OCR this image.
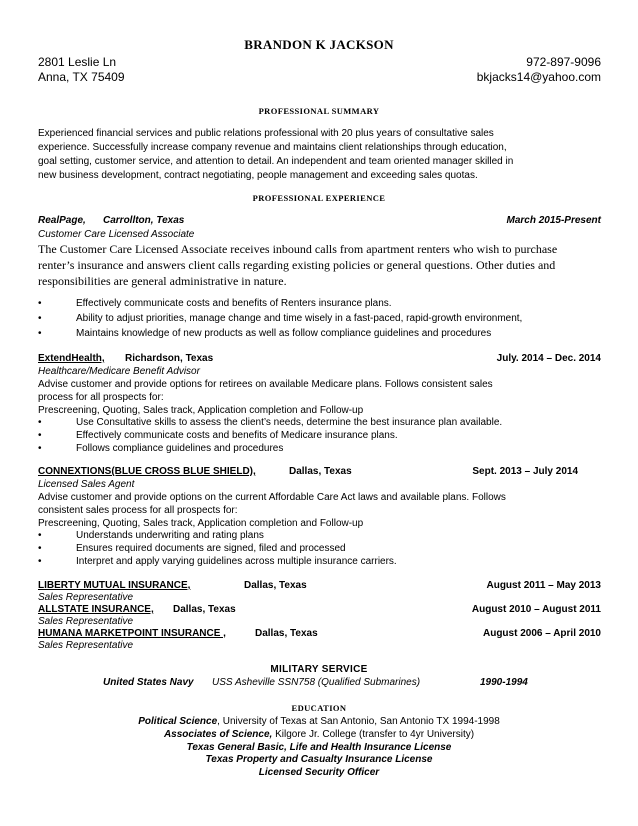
BRANDON K JACKSON
2801 Leslie Ln
Anna, TX 75409
972-897-9096
bkjacks14@yahoo.com
PROFESSIONAL SUMMARY
Experienced financial services and public relations professional with 20 plus years of consultative sales
experience. Successfully increase company revenue and maintains client relationships through education,
goal setting, customer service, and attention to detail. An independent and team oriented manager skilled in
new business development, contract negotiating, people management and exceeding sales quotas.
PROFESSIONAL EXPERIENCE
RealPage, Carrollton, Texas	March 2015-Present
Customer Care Licensed Associate
The Customer Care Licensed Associate receives inbound calls from apartment renters who wish to purchase
renter’s insurance and answers client calls regarding existing policies or general questions. Other duties and
responsibilities are general administrative in nature.
•	Effectively communicate costs and benefits of Renters insurance plans.
•	Ability to adjust priorities, manage change and time wisely in a fast-paced, rapid-growth environment,
•	Maintains knowledge of new products as well as follow compliance guidelines and procedures
ExtendHealth, Richardson, Texas	July. 2014 – Dec. 2014
Healthcare/Medicare Benefit Advisor
Advise customer and provide options for retirees on available Medicare plans. Follows consistent sales
process for all prospects for:
Prescreening, Quoting, Sales track, Application completion and Follow-up
•	Use Consultative skills to assess the client’s needs, determine the best insurance plan available.
•	Effectively communicate costs and benefits of Medicare insurance plans.
•	Follows compliance guidelines and procedures
CONNEXTIONS(BLUE CROSS BLUE SHIELD),	Dallas, Texas	Sept. 2013 – July 2014
Licensed Sales Agent
Advise customer and provide options on the current Affordable Care Act laws and available plans. Follows
consistent sales process for all prospects for:
Prescreening, Quoting, Sales track, Application completion and Follow-up
•	Understands underwriting and rating plans
•	Ensures required documents are signed, filed and processed
•	Interpret and apply varying guidelines across multiple insurance carriers.
LIBERTY MUTUAL INSURANCE,	Dallas, Texas	August 2011 – May 2013
Sales Representative
ALLSTATE INSURANCE, Dallas, Texas	August 2010 – August 2011
Sales Representative
HUMANA MARKETPOINT INSURANCE ,	Dallas, Texas	August 2006 – April 2010
Sales Representative
MILITARY SERVICE
United States Navy USS Asheville SSN758 (Qualified Submarines)	1990-1994
EDUCATION
Political Science, University of Texas at San Antonio, San Antonio TX 1994-1998
Associates of Science, Kilgore Jr. College (transfer to 4yr University)
Texas General Basic, Life and Health Insurance License
Texas Property and Casualty Insurance License
Licensed Security Officer
